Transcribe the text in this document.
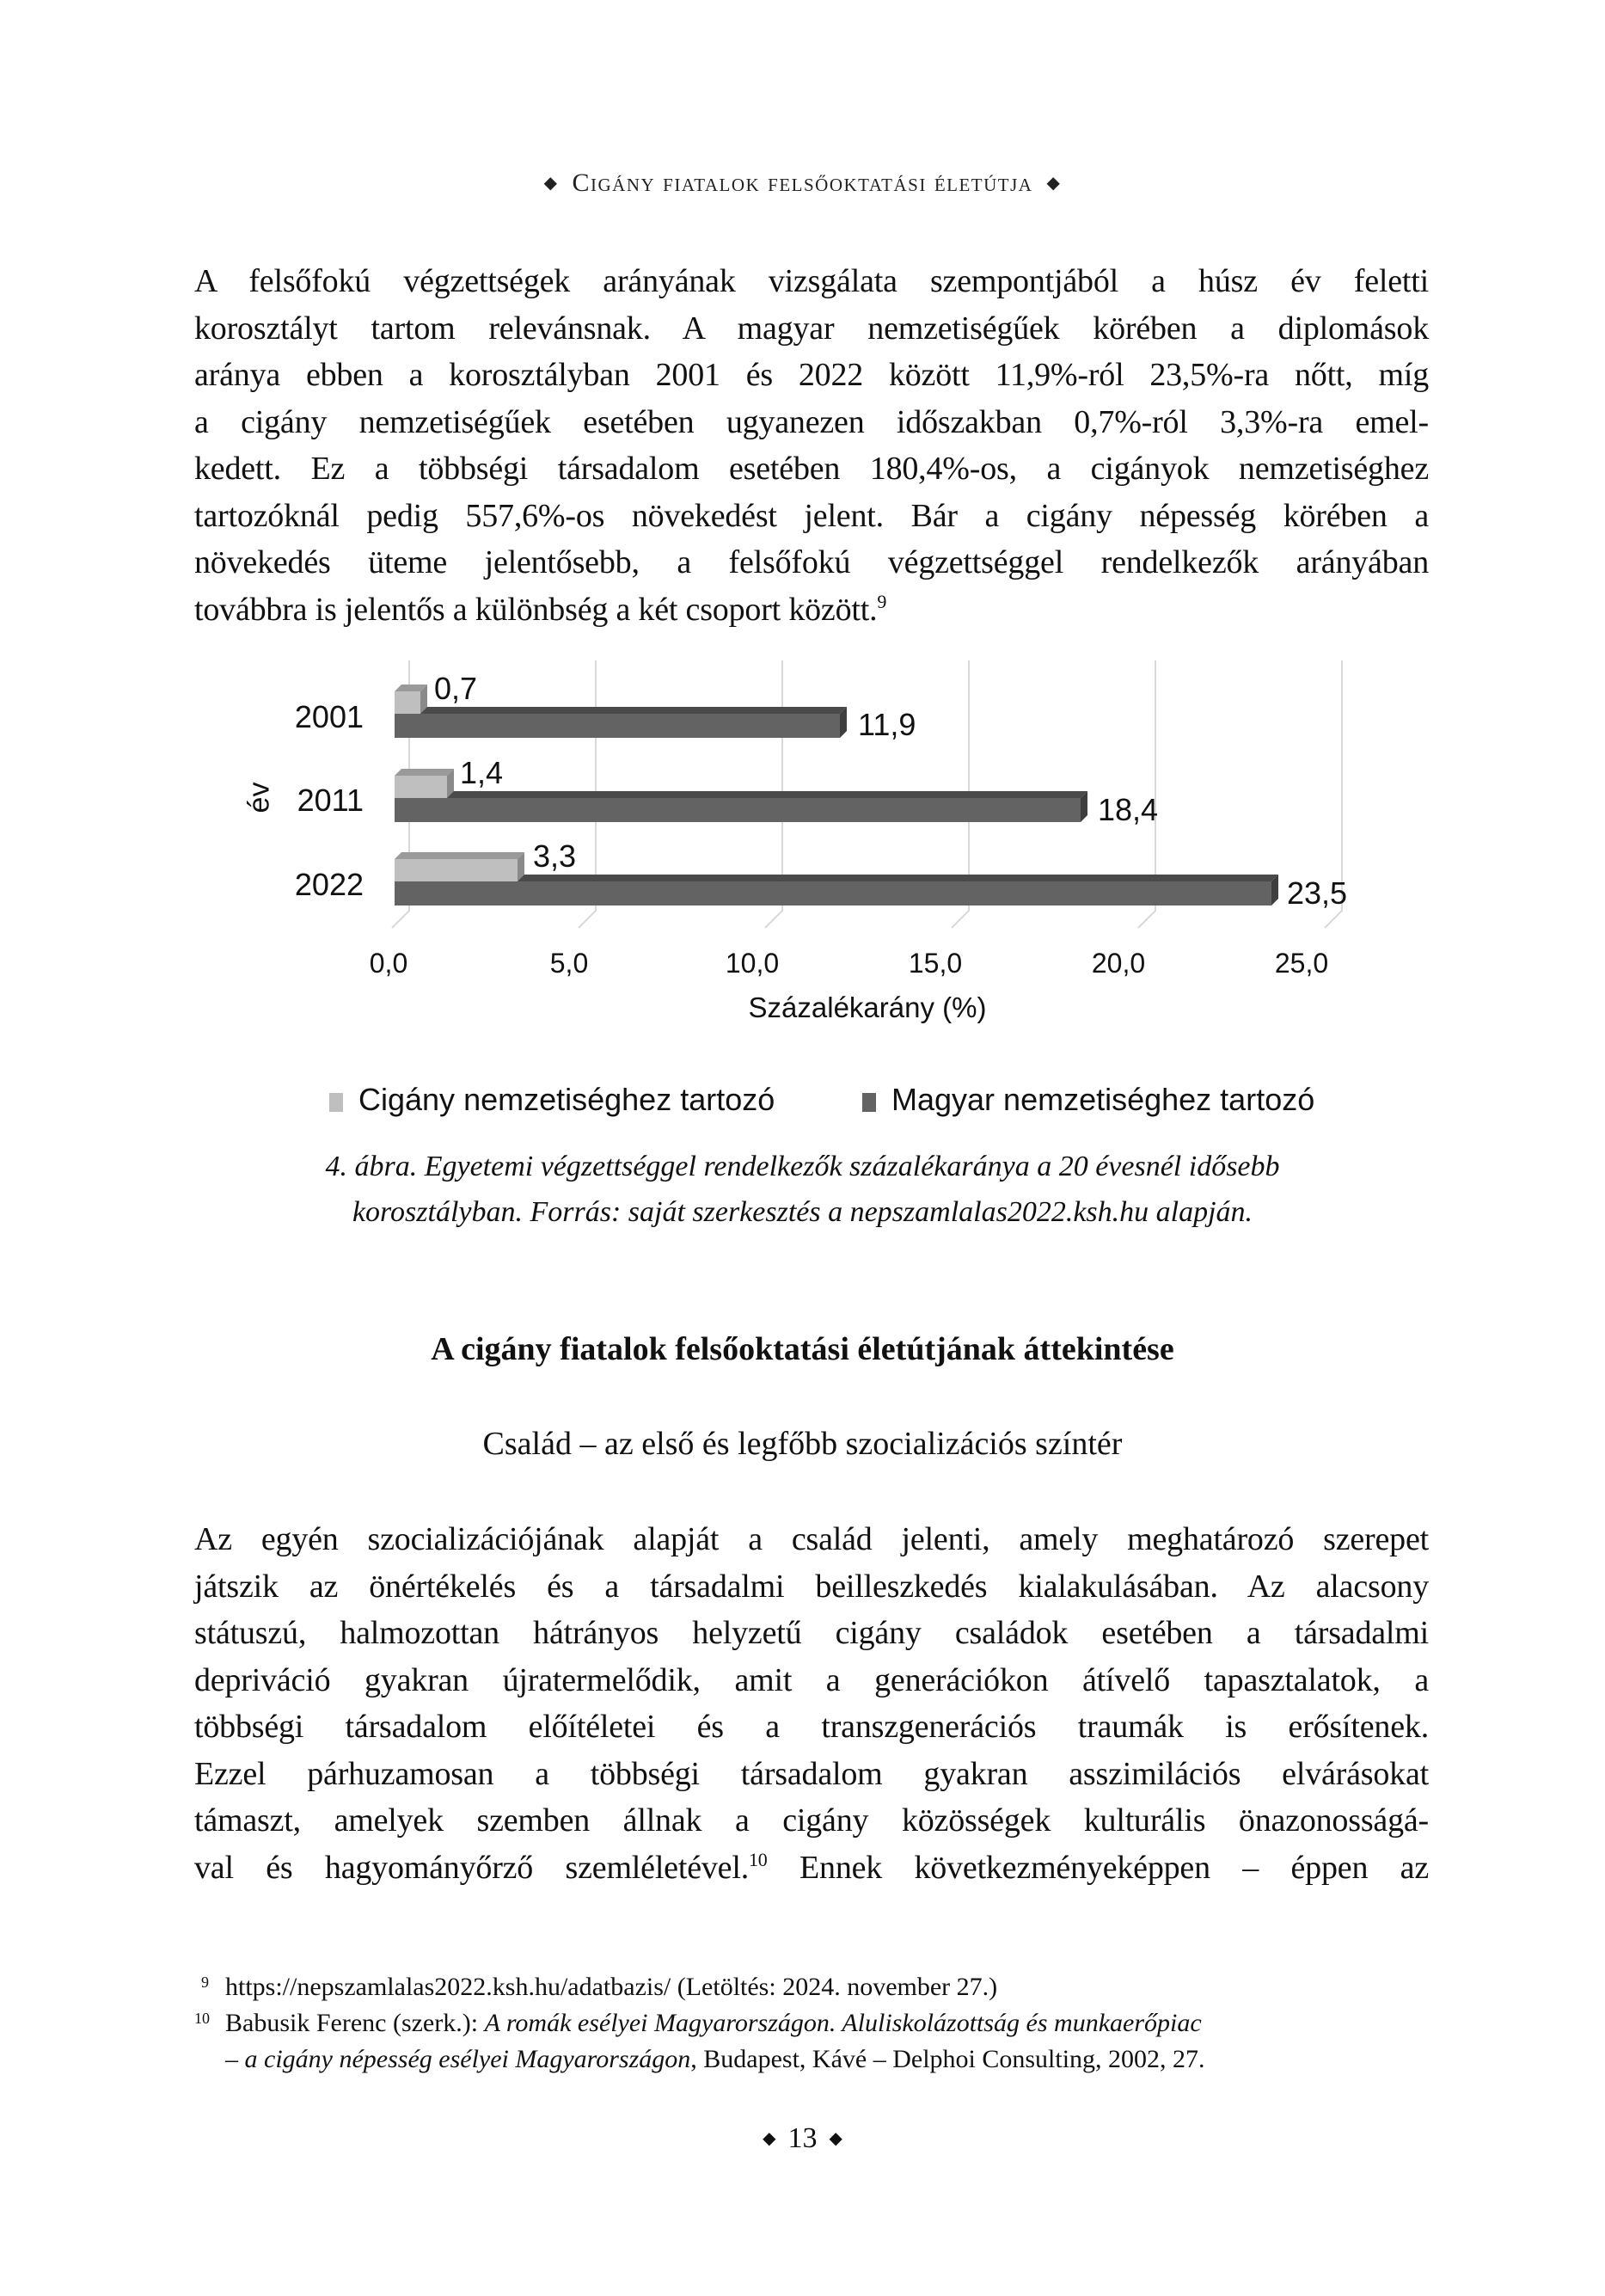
◆ Cigány fiatalok felsőoktatási életútja ◆
A felsőfokú végzettségek arányának vizsgálata szempontjából a húsz év feletti
korosztályt tartom relevánsnak. A magyar nemzetiségűek körében a diplomások
aránya ebben a korosztályban 2001 és 2022 között 11,9%-ról 23,5%-ra nőtt, míg
a cigány nemzetiségűek esetében ugyanezen időszakban 0,7%-ról 3,3%-ra emel-
kedett. Ez a többségi társadalom esetében 180,4%-os, a cigányok nemzetiséghez
tartozóknál pedig 557,6%-os növekedést jelent. Bár a cigány népesség körében a
növekedés üteme jelentősebb, a felsőfokú végzettséggel rendelkezők arányában
továbbra is jelentős a különbség a két csoport között.$^9$
2001
2011
2022
év
0,7
1,4
3,3
11,9
18,4
23,5
0,0	5,0	10,0	15,0	20,0	25,0
Százalékarány (%)
Cigány nemzetiséghez tartozó	Magyar nemzetiséghez tartozó
4. ábra. Egyetemi végzettséggel rendelkezők százalékaránya a 20 évesnél idősebb
korosztályban. Forrás: saját szerkesztés a nepszamlalas2022.ksh.hu alapján.
A cigány fiatalok felsőoktatási életútjának áttekintése
Család – az első és legfőbb szocializációs színtér
Az egyén szocializációjának alapját a család jelenti, amely meghatározó szerepet
játszik az önértékelés és a társadalmi beilleszkedés kialakulásában. Az alacsony
státuszú, halmozottan hátrányos helyzetű cigány családok esetében a társadalmi
depriváció gyakran újratermelődik, amit a generációkon átívelő tapasztalatok, a
többségi társadalom előítéletei és a transzgenerációs traumák is erősítenek.
Ezzel párhuzamosan a többségi társadalom gyakran asszimilációs elvárásokat
támaszt, amelyek szemben állnak a cigány közösségek kulturális önazonosságá-
val és hagyományőrző szemléletével.$^{10}$ Ennek következményeképpen – éppen az
9 https://nepszamlalas2022.ksh.hu/adatbazis/ (Letöltés: 2024. november 27.)
10 Babusik Ferenc (szerk.): A romák esélyei Magyarországon. Aluliskolázottság és munkaerőpiac
– a cigány népesség esélyei Magyarországon, Budapest, Kávé – Delphoi Consulting, 2002, 27.
◆ 13 ◆
